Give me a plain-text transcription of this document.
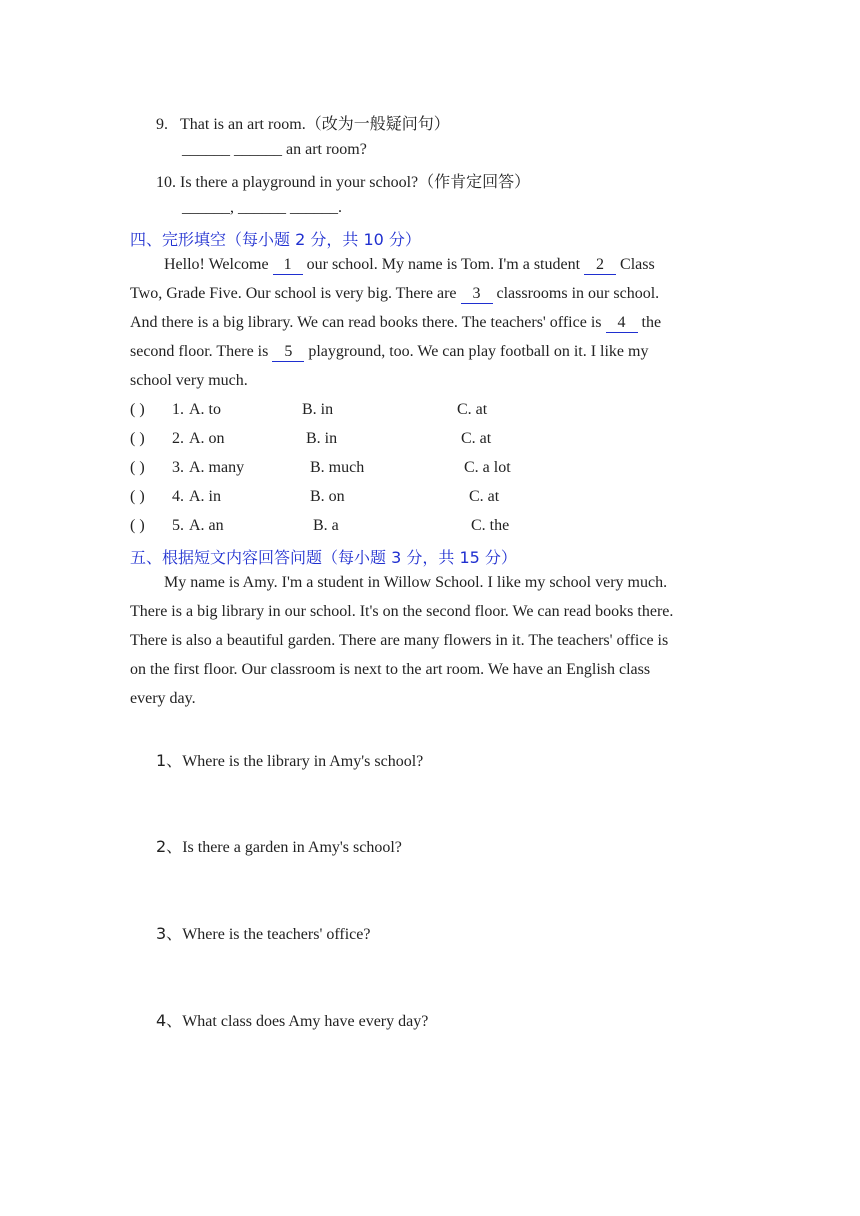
9. That is an art room.（改为一般疑问句）
______ ______ an art room?
10. Is there a playground in your school?（作肯定回答）
______, ______ ______.
四、完形填空（每小题 2 分，共 10 分）
Hello! Welcome 1 our school. My name is Tom. I'm a student 2 Class
Two, Grade Five. Our school is very big. There are 3 classrooms in our school.
And there is a big library. We can read books there. The teachers' office is 4 the
second floor. There is 5 playground, too. We can play football on it. I like my
school very much.
( ) 1. A. to	B. in	C. at
( ) 2. A. on	B. in	C. at
( ) 3. A. many	B. much	C. a lot
( ) 4. A. in	B. on	C. at
( ) 5. A. an	B. a	C. the
五、根据短文内容回答问题（每小题 3 分，共 15 分）
My name is Amy. I'm a student in Willow School. I like my school very much.
There is a big library in our school. It's on the second floor. We can read books there.
There is also a beautiful garden. There are many flowers in it. The teachers' office is
on the first floor. Our classroom is next to the art room. We have an English class
every day.
1、Where is the library in Amy's school?
2、Is there a garden in Amy's school?
3、Where is the teachers' office?
4、What class does Amy have every day?
